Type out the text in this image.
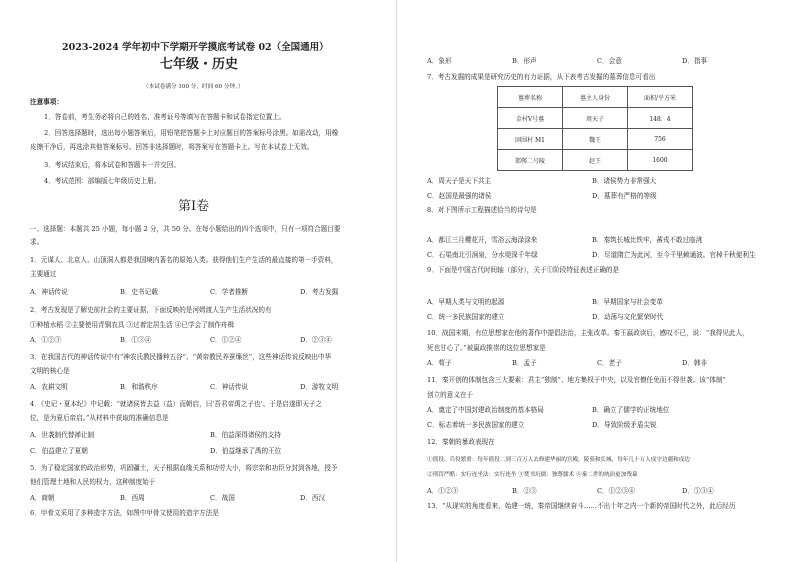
2023-2024 学年初中下学期开学摸底考试卷 02（全国通用）
七年级・历史
（本试卷满分 100 分，时间 60 分钟。）
注意事项：
1．答卷前，考生务必将自己的姓名、准考证号等填写在答题卡和试卷指定位置上。
2．回答选择题时，选出每小题答案后，用铅笔把答题卡上对应题目的答案标号涂黑。如需改动，用橡
皮擦干净后，再选涂其他答案标号。回答非选择题时，将答案写在答题卡上。写在本试卷上无效。
3．考试结束后，将本试卷和答题卡一并交回。
4．考试范围：部编版七年级历史上册。
第Ⅰ卷
一、选择题：本题共 25 小题，每小题 2 分，共 50 分。在每小题给出的四个选项中，只有一项符合题目要
求。
1．元谋人、北京人、山顶洞人都是我国境内著名的原始人类。获得他们生产生活的最直接的第一手资料，
主要通过
A．神话传说	B．史书记载	C．学者推断	D．考古发掘
2．考古发现是了解史前社会的主要证据，下面反映的是河姆渡人生产生活状况的有
①种植水稻 ②主要使用青铜农具 ③过着定居生活 ④已学会了制作舟楫
A．①②③	B．①③④	C．①②④	D．②③④
3．在我国古代的神话传说中有“神农氏教民播种五谷”、“黄帝教民养蚕缫丝”，这些神话传说反映出中华
文明的核心是
A．农耕文明	B．和谐秩序	C．神话传说	D．游牧文明
4．《史记・夏本纪》中记载：“就诸侯皆去益（益）而朝启，曰‘吾君帝禹之子也’。于是启遂即天子之
位，是为夏后帝启。”从材料中获取的准确信息是
A．世袭制代替禅让制	B．伯益深得诸侯的支持
C．伯益建立了夏朝	D．伯益继承了禹的王位
5．为了稳定国家的政治形势，巩固疆土，天子根据血缘关系和功劳大小，将宗亲和功臣分封到各地，授予
他们管理土地和人民的权力，这种制度始于
A．商朝	B．西周	C．战国	D．西汉
6．甲骨文采用了多种造字方法，如图中甲骨文使用的造字方法是
A．象形	B．形声	C．会意	D．指事
7．考古发掘的成果是研究历史的有力证据，从下表考古发掘的墓葬信息可看出
墓葬名称	墓主人身份	面积/平方米
金村Ⅴ号墓	周天子	148．4
固围村 M1	魏王	756
邯郸二号陵	赵王	1600
A．周天子是天下共主	B．诸侯势力非常强大
C．赵国是最强的诸侯	D．墓葬有严格的等级
8．对下图所示工程描述恰当的诗句是
A．都江三月櫻花开，雪浴云海渌渌来	B．秦筑长城比铁牢，蕃戎不敢过临洮
C．石渠南北引涧泉，分水堤深千年绿	D．尽道隋亡为此河，至今千里赖通波。官棹千秋便利生
9．下面是中国古代时间轴（部分），关于①阶段特征表述正确的是
A．早期人类与文明的起源	B．早期国家与社会变革
C．统一多民族国家的建立	D．动荡与文化繁荣时代
10．战国末期，有位思想家在他的著作中提倡法治，主张改革。秦王嬴政读后，感叹不已，说：“我得见此人，
死也甘心了。”被嬴政推崇的这位思想家是
A．荀子	B．孟子	C．老子	D．韩非
11．秦开创的体制包含三大要素：君主“独制”、地方集权于中央，以及官僚任免而不得世袭。该“体制”
创立的意义在于
A．奠定了中国封建政治制度的基本格局	B．确立了儒学的正统地位
C．标志着统一多民族国家的建立	D．导致阶级矛盾尖锐
12．秦朝的暴政表现在
①徭役、兵役繁重：每年徭役二到三百万人去修建华丽的宫殿，陵墓和长城，每年几十万人戍守边疆和戍边
②刑罚严酷：实行连坐法：实行连坐 ③焚书坑儒：独尊儒术 ④秦二世的统治更加残暴
A．①②③	B．②③	C．①②③④	D．①③④
13．“从现实的角度看来，始建一统，秦帝国继续奋斗……不出十年之内一个新的帝国时代之外，此后经历
